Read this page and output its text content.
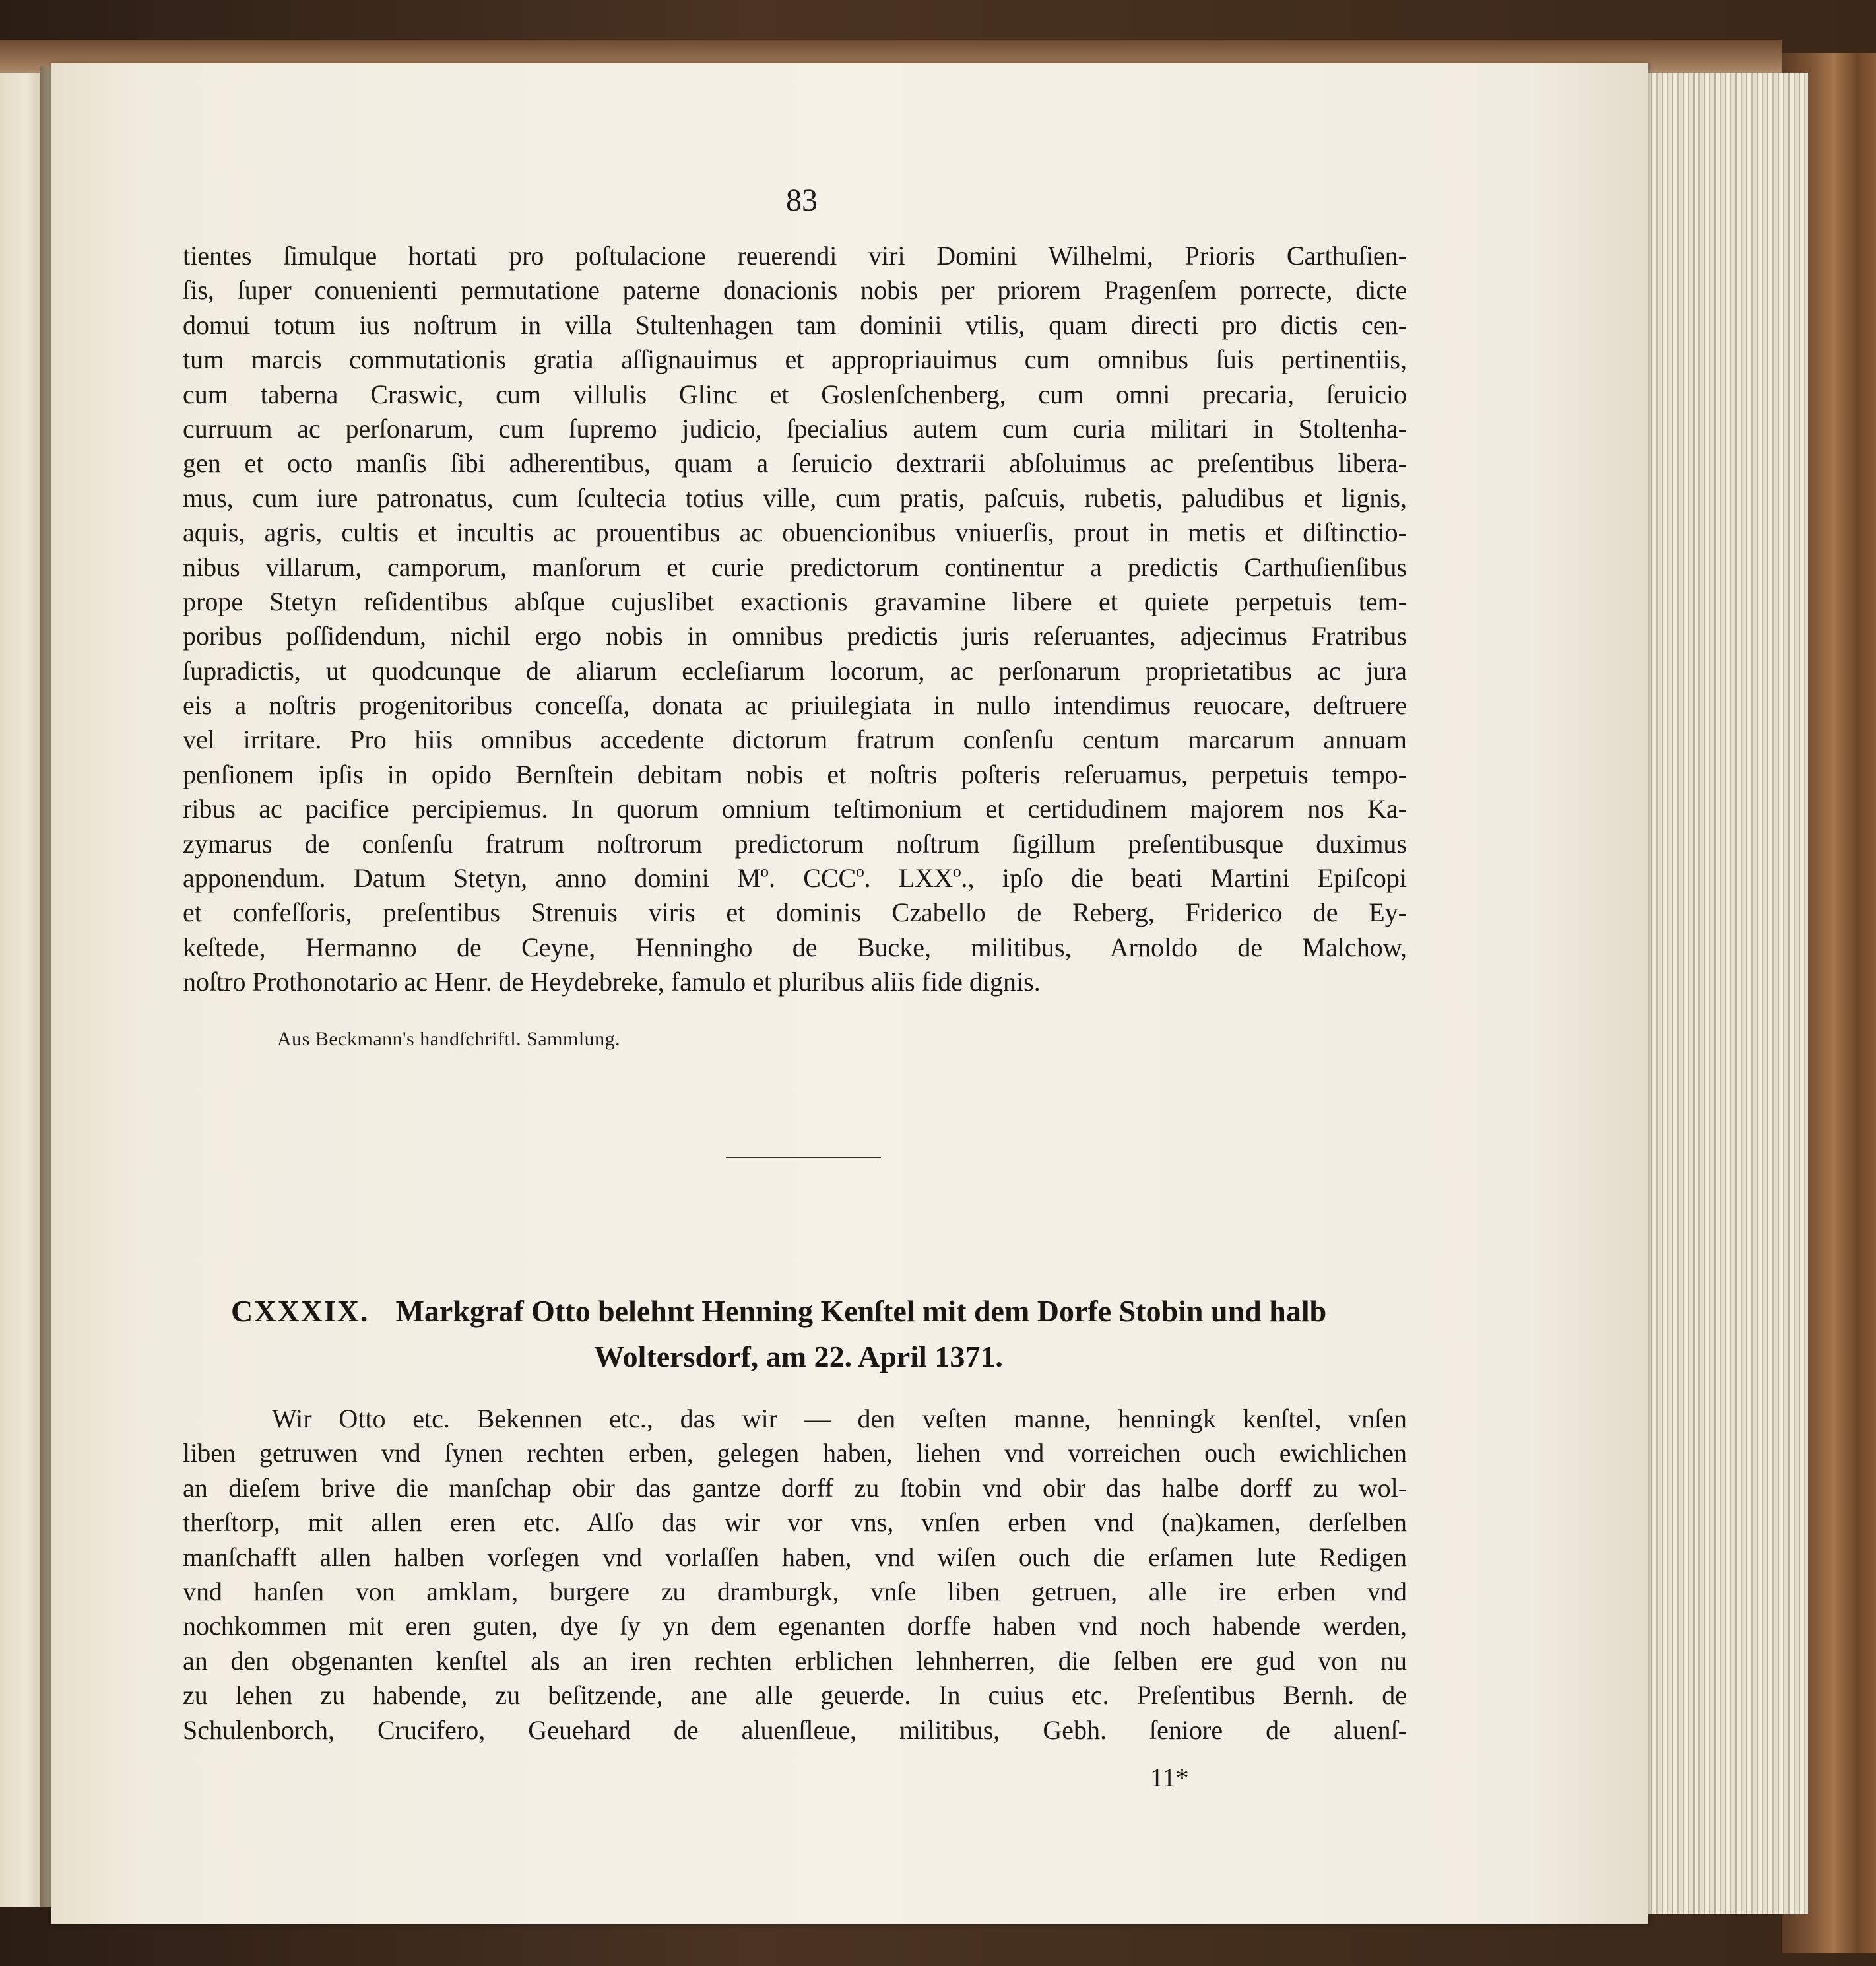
83
tientes ſimulque hortati pro poſtulacione reuerendi viri Domini Wilhelmi, Prioris Carthuſien-
ſis, ſuper conuenienti permutatione paterne donacionis nobis per priorem Pragenſem porrecte, dicte
domui totum ius noſtrum in villa Stultenhagen tam dominii vtilis, quam directi pro dictis cen-
tum marcis commutationis gratia aſſignauimus et appropriauimus cum omnibus ſuis pertinentiis,
cum taberna Craswic, cum villulis Glinc et Goslenſchenberg, cum omni precaria, ſeruicio
curruum ac perſonarum, cum ſupremo judicio, ſpecialius autem cum curia militari in Stoltenha-
gen et octo manſis ſibi adherentibus, quam a ſeruicio dextrarii abſoluimus ac preſentibus libera-
mus, cum iure patronatus, cum ſcultecia totius ville, cum pratis, paſcuis, rubetis, paludibus et lignis,
aquis, agris, cultis et incultis ac prouentibus ac obuencionibus vniuerſis, prout in metis et diſtinctio-
nibus villarum, camporum, manſorum et curie predictorum continentur a predictis Carthuſienſibus
prope Stetyn reſidentibus abſque cujuslibet exactionis gravamine libere et quiete perpetuis tem-
poribus poſſidendum, nichil ergo nobis in omnibus predictis juris reſeruantes, adjecimus Fratribus
ſupradictis, ut quodcunque de aliarum eccleſiarum locorum, ac perſonarum proprietatibus ac jura
eis a noſtris progenitoribus conceſſa, donata ac priuilegiata in nullo intendimus reuocare, deſtruere
vel irritare. Pro hiis omnibus accedente dictorum fratrum conſenſu centum marcarum annuam
penſionem ipſis in opido Bernſtein debitam nobis et noſtris poſteris reſeruamus, perpetuis tempo-
ribus ac pacifice percipiemus. In quorum omnium teſtimonium et certidudinem majorem nos Ka-
zymarus de conſenſu fratrum noſtrorum predictorum noſtrum ſigillum preſentibusque duximus
apponendum. Datum Stetyn, anno domini Mº. CCCº. LXXº., ipſo die beati Martini Epiſcopi
et confeſſoris, preſentibus Strenuis viris et dominis Czabello de Reberg, Friderico de Ey-
keſtede, Hermanno de Ceyne, Henningho de Bucke, militibus, Arnoldo de Malchow,
noſtro Prothonotario ac Henr. de Heydebreke, famulo et pluribus aliis fide dignis.
Aus Beckmann's handſchriftl. Sammlung.
CXXXIX. Markgraf Otto belehnt Henning Kenſtel mit dem Dorfe Stobin und halb
Woltersdorf, am 22. April 1371.
Wir Otto etc. Bekennen etc., das wir — den veſten manne, henningk kenſtel, vnſen
liben getruwen vnd ſynen rechten erben, gelegen haben, liehen vnd vorreichen ouch ewichlichen
an dieſem brive die manſchap obir das gantze dorff zu ſtobin vnd obir das halbe dorff zu wol-
therſtorp, mit allen eren etc. Alſo das wir vor vns, vnſen erben vnd (na)kamen, derſelben
manſchafft allen halben vorſegen vnd vorlaſſen haben, vnd wiſen ouch die erſamen lute Redigen
vnd hanſen von amklam, burgere zu dramburgk, vnſe liben getruen, alle ire erben vnd
nochkommen mit eren guten, dye ſy yn dem egenanten dorffe haben vnd noch habende werden,
an den obgenanten kenſtel als an iren rechten erblichen lehnherren, die ſelben ere gud von nu
zu lehen zu habende, zu beſitzende, ane alle geuerde. In cuius etc. Preſentibus Bernh. de
Schulenborch, Crucifero, Geuehard de aluenſleue, militibus, Gebh. ſeniore de aluenſ-
11*
